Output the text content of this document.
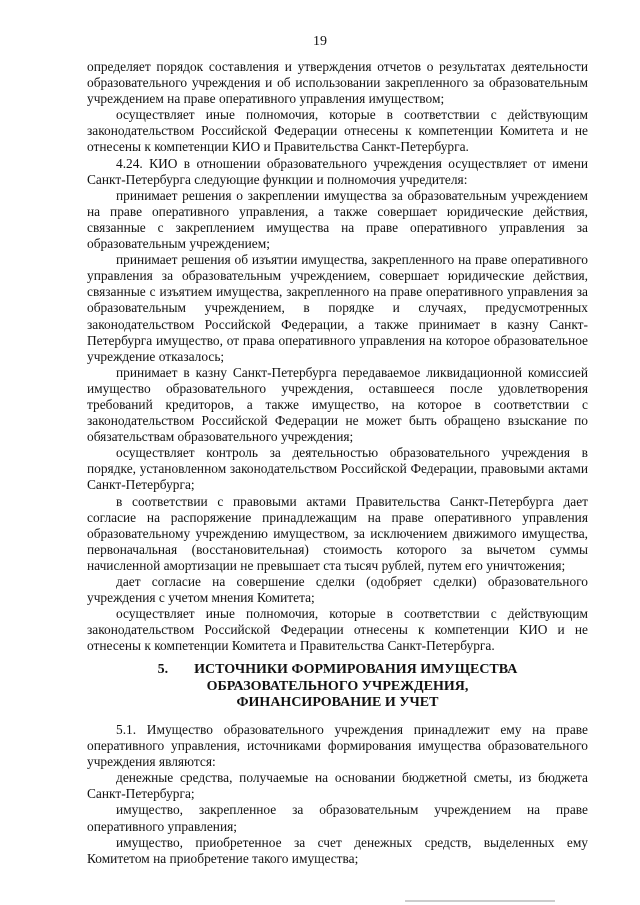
19

определяет порядок составления и утверждения отчетов о результатах деятельности образовательного учреждения и об использовании закрепленного за образовательным учреждением на праве оперативного управления имуществом;

осуществляет иные полномочия, которые в соответствии с действующим законодательством Российской Федерации отнесены к компетенции Комитета и не отнесены к компетенции КИО и Правительства Санкт-Петербурга.

4.24. КИО в отношении образовательного учреждения осуществляет от имени Санкт-Петербурга следующие функции и полномочия учредителя:

принимает решения о закреплении имущества за образовательным учреждением на праве оперативного управления, а также совершает юридические действия, связанные с закреплением имущества на праве оперативного управления за образовательным учреждением;

принимает решения об изъятии имущества, закрепленного на праве оперативного управления за образовательным учреждением, совершает юридические действия, связанные с изъятием имущества, закрепленного на праве оперативного управления за образовательным учреждением, в порядке и случаях, предусмотренных законодательством Российской Федерации, а также принимает в казну Санкт-Петербурга имущество, от права оперативного управления на которое образовательное учреждение отказалось;

принимает в казну Санкт-Петербурга передаваемое ликвидационной комиссией имущество образовательного учреждения, оставшееся после удовлетворения требований кредиторов, а также имущество, на которое в соответствии с законодательством Российской Федерации не может быть обращено взыскание по обязательствам образовательного учреждения;

осуществляет контроль за деятельностью образовательного учреждения в порядке, установленном законодательством Российской Федерации, правовыми актами Санкт-Петербурга;

в соответствии с правовыми актами Правительства Санкт-Петербурга дает согласие на распоряжение принадлежащим на праве оперативного управления образовательному учреждению имуществом, за исключением движимого имущества, первоначальная (восстановительная) стоимость которого за вычетом суммы начисленной амортизации не превышает ста тысяч рублей, путем его уничтожения;

дает согласие на совершение сделки (одобряет сделки) образовательного учреждения с учетом мнения Комитета;

осуществляет иные полномочия, которые в соответствии с действующим законодательством Российской Федерации отнесены к компетенции КИО и не отнесены к компетенции Комитета и Правительства Санкт-Петербурга.

5. ИСТОЧНИКИ ФОРМИРОВАНИЯ ИМУЩЕСТВА
ОБРАЗОВАТЕЛЬНОГО УЧРЕЖДЕНИЯ,
ФИНАНСИРОВАНИЕ И УЧЕТ

5.1. Имущество образовательного учреждения принадлежит ему на праве оперативного управления, источниками формирования имущества образовательного учреждения являются:

денежные средства, получаемые на основании бюджетной сметы, из бюджета Санкт-Петербурга;

имущество, закрепленное за образовательным учреждением на праве оперативного управления;

имущество, приобретенное за счет денежных средств, выделенных ему Комитетом на приобретение такого имущества;
